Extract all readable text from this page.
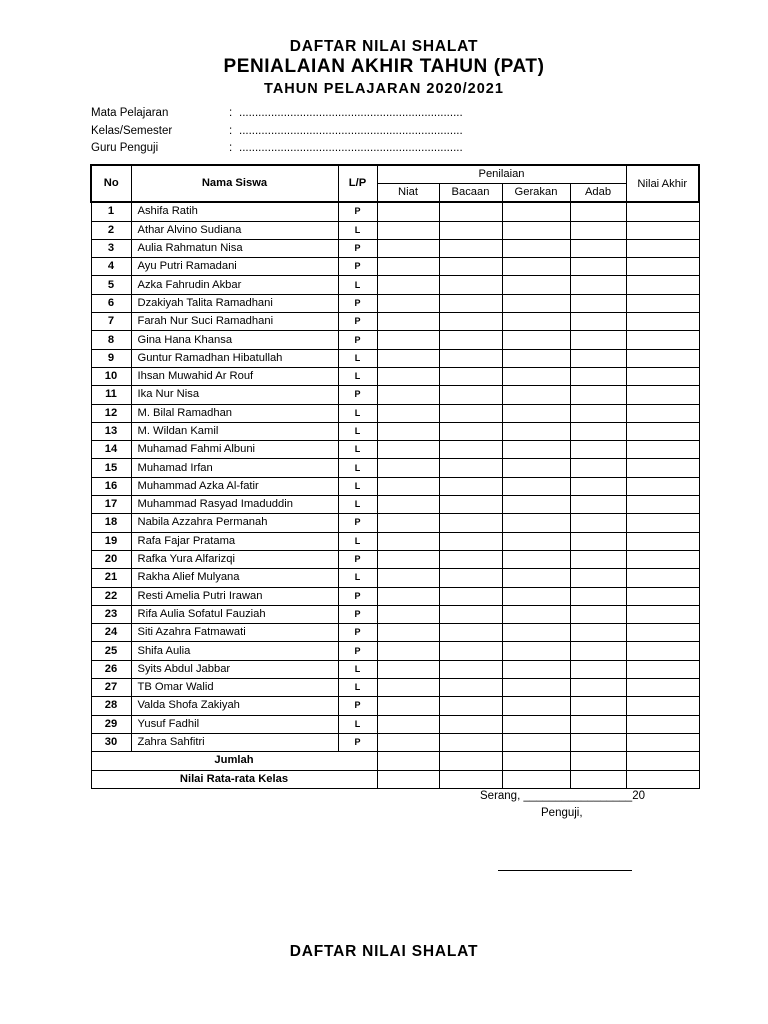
DAFTAR NILAI SHALAT
PENIALAIAN AKHIR TAHUN (PAT)
TAHUN PELAJARAN 2020/2021
Mata Pelajaran	: ......................................................................
Kelas/Semester	: ......................................................................
Guru Penguji	: ......................................................................
No	Nama Siswa	L/P	Penilaian				Nilai Akhir
			Niat	Bacaan	Gerakan	Adab	
1	Ashifa Ratih	P					
2	Athar Alvino Sudiana	L					
3	Aulia Rahmatun Nisa	P					
4	Ayu Putri Ramadani	P					
5	Azka Fahrudin Akbar	L					
6	Dzakiyah Talita Ramadhani	P					
7	Farah Nur Suci Ramadhani	P					
8	Gina Hana Khansa	P					
9	Guntur Ramadhan Hibatullah	L					
10	Ihsan Muwahid Ar Rouf	L					
11	Ika Nur Nisa	P					
12	M. Bilal Ramadhan	L					
13	M. Wildan Kamil	L					
14	Muhamad Fahmi Albuni	L					
15	Muhamad Irfan	L					
16	Muhammad Azka Al-fatir	L					
17	Muhammad Rasyad Imaduddin	L					
18	Nabila Azzahra Permanah	P					
19	Rafa Fajar Pratama	L					
20	Rafka Yura Alfarizqi	P					
21	Rakha Alief Mulyana	L					
22	Resti Amelia Putri Irawan	P					
23	Rifa Aulia Sofatul Fauziah	P					
24	Siti Azahra Fatmawati	P					
25	Shifa Aulia	P					
26	Syits Abdul Jabbar	L					
27	TB Omar Walid	L					
28	Valda Shofa Zakiyah	P					
29	Yusuf Fadhil	L					
30	Zahra Sahfitri	P					
Jumlah							
Nilai Rata-rata Kelas							
Serang, _________________20
Penguji,
DAFTAR NILAI SHALAT
